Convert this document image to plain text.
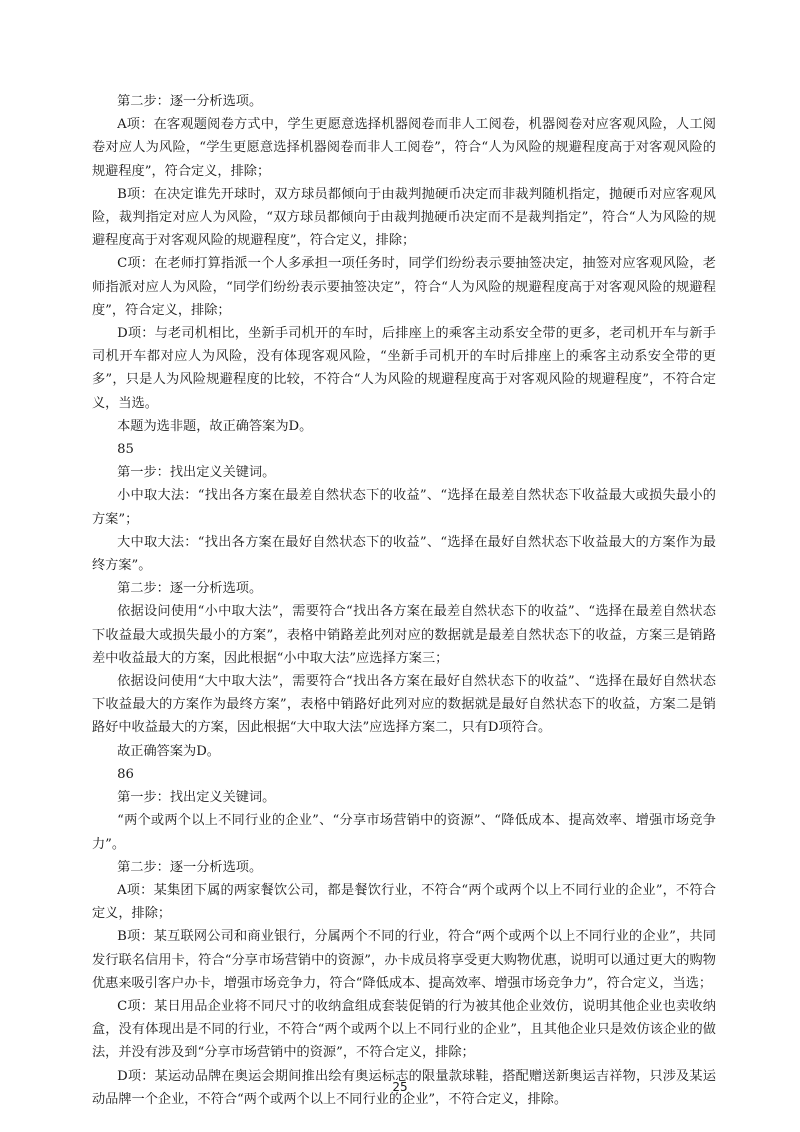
第二步：逐一分析选项。

A项：在客观题阅卷方式中，学生更愿意选择机器阅卷而非人工阅卷，机器阅卷对应客观风险，人工阅卷对应人为风险，“学生更愿意选择机器阅卷而非人工阅卷”，符合“人为风险的规避程度高于对客观风险的规避程度”，符合定义，排除；

B项：在决定谁先开球时，双方球员都倾向于由裁判抛硬币决定而非裁判随机指定，抛硬币对应客观风险，裁判指定对应人为风险，“双方球员都倾向于由裁判抛硬币决定而不是裁判指定”，符合“人为风险的规避程度高于对客观风险的规避程度”，符合定义，排除；

C项：在老师打算指派一个人多承担一项任务时，同学们纷纷表示要抽签决定，抽签对应客观风险，老师指派对应人为风险，“同学们纷纷表示要抽签决定”，符合“人为风险的规避程度高于对客观风险的规避程度”，符合定义，排除；

D项：与老司机相比，坐新手司机开的车时，后排座上的乘客主动系安全带的更多，老司机开车与新手司机开车都对应人为风险，没有体现客观风险，“坐新手司机开的车时后排座上的乘客主动系安全带的更多”，只是人为风险规避程度的比较，不符合“人为风险的规避程度高于对客观风险的规避程度”，不符合定义，当选。

本题为选非题，故正确答案为D。

85

第一步：找出定义关键词。

小中取大法：“找出各方案在最差自然状态下的收益”、“选择在最差自然状态下收益最大或损失最小的方案”；

大中取大法：“找出各方案在最好自然状态下的收益”、“选择在最好自然状态下收益最大的方案作为最终方案”。

第二步：逐一分析选项。

依据设问使用“小中取大法”，需要符合“找出各方案在最差自然状态下的收益”、“选择在最差自然状态下收益最大或损失最小的方案”，表格中销路差此列对应的数据就是最差自然状态下的收益，方案三是销路差中收益最大的方案，因此根据“小中取大法”应选择方案三；

依据设问使用“大中取大法”，需要符合“找出各方案在最好自然状态下的收益”、“选择在最好自然状态下收益最大的方案作为最终方案”，表格中销路好此列对应的数据就是最好自然状态下的收益，方案二是销路好中收益最大的方案，因此根据“大中取大法”应选择方案二，只有D项符合。

故正确答案为D。

86

第一步：找出定义关键词。

“两个或两个以上不同行业的企业”、“分享市场营销中的资源”、“降低成本、提高效率、增强市场竞争力”。

第二步：逐一分析选项。

A项：某集团下属的两家餐饮公司，都是餐饮行业，不符合“两个或两个以上不同行业的企业”，不符合定义，排除；

B项：某互联网公司和商业银行，分属两个不同的行业，符合“两个或两个以上不同行业的企业”，共同发行联名信用卡，符合“分享市场营销中的资源”，办卡成员将享受更大购物优惠，说明可以通过更大的购物优惠来吸引客户办卡，增强市场竞争力，符合“降低成本、提高效率、增强市场竞争力”，符合定义，当选；

C项：某日用品企业将不同尺寸的收纳盒组成套装促销的行为被其他企业效仿，说明其他企业也卖收纳盒，没有体现出是不同的行业，不符合“两个或两个以上不同行业的企业”，且其他企业只是效仿该企业的做法，并没有涉及到“分享市场营销中的资源”，不符合定义，排除；

D项：某运动品牌在奥运会期间推出绘有奥运标志的限量款球鞋，搭配赠送新奥运吉祥物，只涉及某运动品牌一个企业，不符合“两个或两个以上不同行业的企业”，不符合定义，排除。

25
